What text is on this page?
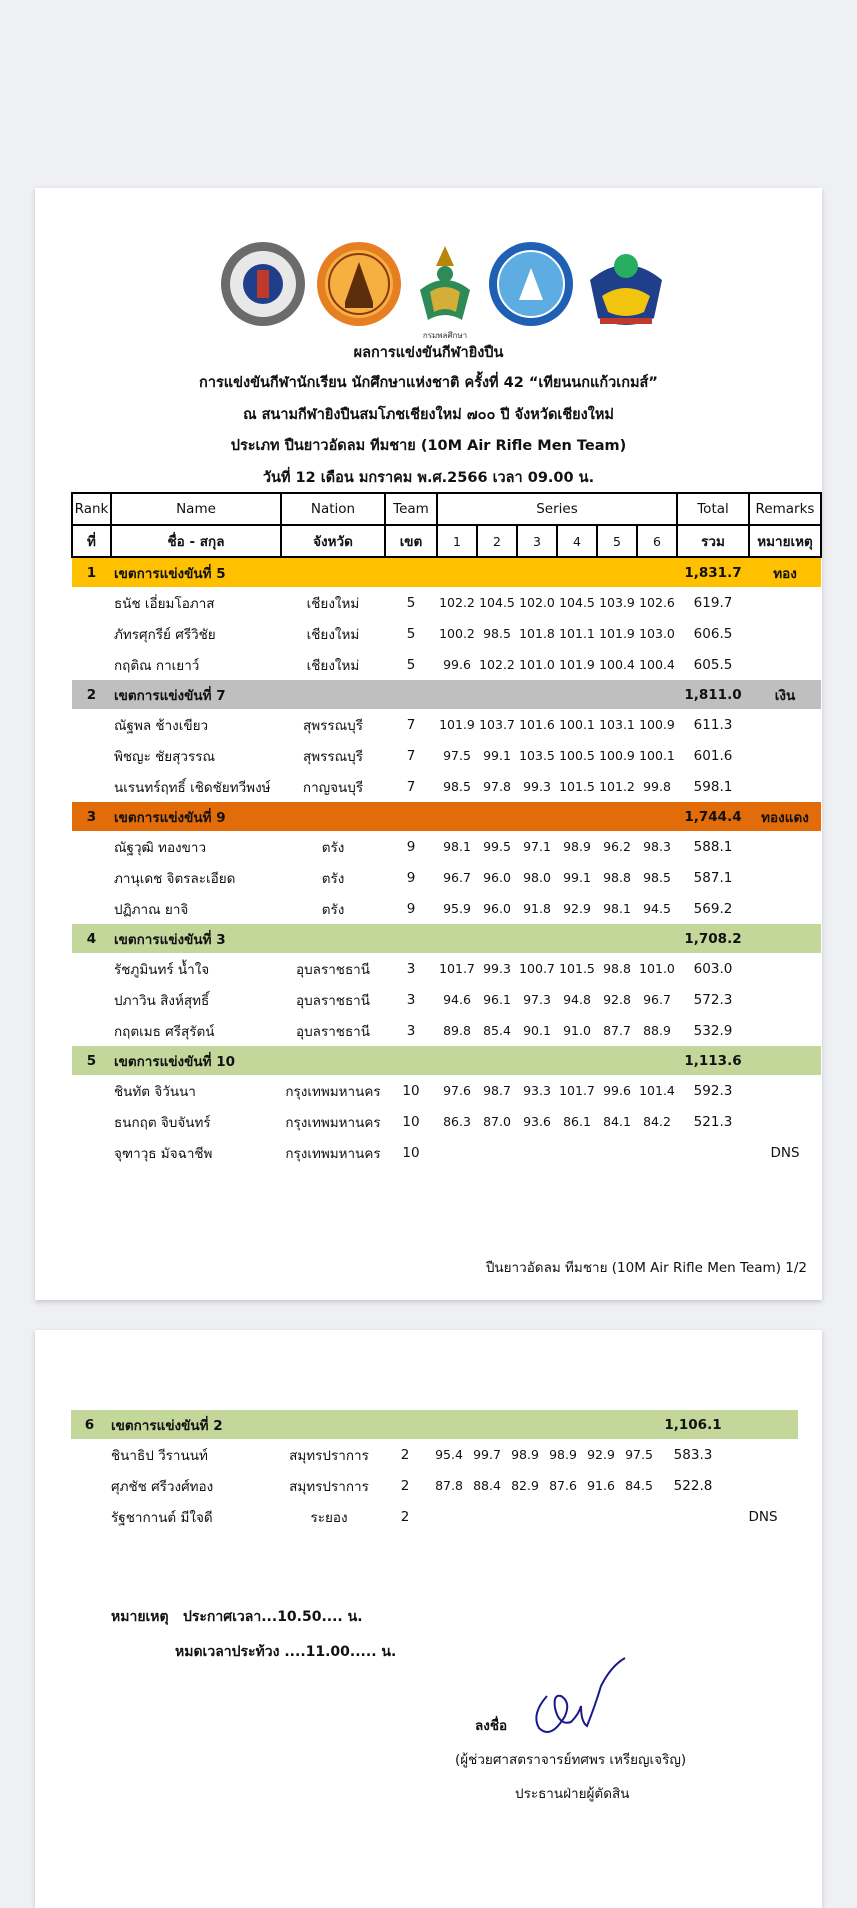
กรมพลศึกษา
ผลการแข่งขันกีฬายิงปืน
การแข่งขันกีฬานักเรียน นักศึกษาแห่งชาติ ครั้งที่ 42 “เทียนนกแก้วเกมส์”
ณ สนามกีฬายิงปืนสมโภชเชียงใหม่ ๗๐๐ ปี จังหวัดเชียงใหม่
ประเภท ปืนยาวอัดลม ทีมชาย (10M Air Rifle Men Team)
วันที่ 12 เดือน มกราคม พ.ศ.2566 เวลา 09.00 น.
Rank	Name	Nation	Team	Series						Total	Remarks
ที่	ชื่อ - สกุล	จังหวัด	เขต	1	2	3	4	5	6	รวม	หมายเหตุ
1	เขตการแข่งขันที่ 5									1,831.7	ทอง
	ธนัช เอี่ยมโอภาส	เชียงใหม่	5	102.2	104.5	102.0	104.5	103.9	102.6	619.7	
	ภัทรศุกรีย์ ศรีวิชัย	เชียงใหม่	5	100.2	98.5	101.8	101.1	101.9	103.0	606.5	
	กฤติณ กาเยาว์	เชียงใหม่	5	99.6	102.2	101.0	101.9	100.4	100.4	605.5	
2	เขตการแข่งขันที่ 7									1,811.0	เงิน
	ณัฐพล ช้างเขียว	สุพรรณบุรี	7	101.9	103.7	101.6	100.1	103.1	100.9	611.3	
	พิชญะ ชัยสุวรรณ	สุพรรณบุรี	7	97.5	99.1	103.5	100.5	100.9	100.1	601.6	
	นเรนทร์ฤทธิ์ เชิดชัยทวีพงษ์	กาญจนบุรี	7	98.5	97.8	99.3	101.5	101.2	99.8	598.1	
3	เขตการแข่งขันที่ 9									1,744.4	ทองแดง
	ณัฐวุฒิ ทองขาว	ตรัง	9	98.1	99.5	97.1	98.9	96.2	98.3	588.1	
	ภานุเดช จิตรละเอียด	ตรัง	9	96.7	96.0	98.0	99.1	98.8	98.5	587.1	
	ปฏิภาณ ยาจิ	ตรัง	9	95.9	96.0	91.8	92.9	98.1	94.5	569.2	
4	เขตการแข่งขันที่ 3									1,708.2	
	รัชภูมินทร์ น้ำใจ	อุบลราชธานี	3	101.7	99.3	100.7	101.5	98.8	101.0	603.0	
	ปภาวิน สิงห์สุทธิ์	อุบลราชธานี	3	94.6	96.1	97.3	94.8	92.8	96.7	572.3	
	กฤตเมธ ศรีสุรัตน์	อุบลราชธานี	3	89.8	85.4	90.1	91.0	87.7	88.9	532.9	
5	เขตการแข่งขันที่ 10									1,113.6	
	ชินทัต จิวันนา	กรุงเทพมหานคร	10	97.6	98.7	93.3	101.7	99.6	101.4	592.3	
	ธนกฤต จิบจันทร์	กรุงเทพมหานคร	10	86.3	87.0	93.6	86.1	84.1	84.2	521.3	
	จุฑาวุธ มัจฉาชีพ	กรุงเทพมหานคร	10								DNS
ปืนยาวอัดลม ทีมชาย (10M Air Rifle Men Team) 1/2
6	เขตการแข่งขันที่ 2									1,106.1	
	ชินาธิป วีรานนท์	สมุทรปราการ	2	95.4	99.7	98.9	98.9	92.9	97.5	583.3	
	ศุภชัช ศรีวงศ์ทอง	สมุทรปราการ	2	87.8	88.4	82.9	87.6	91.6	84.5	522.8	
	รัฐชากานต์ มีใจดี	ระยอง	2								DNS
หมายเหตุ ประกาศเวลา...10.50.... น.
หมดเวลาประท้วง ....11.00..... น.
ลงชื่อ
(ผู้ช่วยศาสตราจารย์ทศพร เหรียญเจริญ)
ประธานฝ่ายผู้ตัดสิน
